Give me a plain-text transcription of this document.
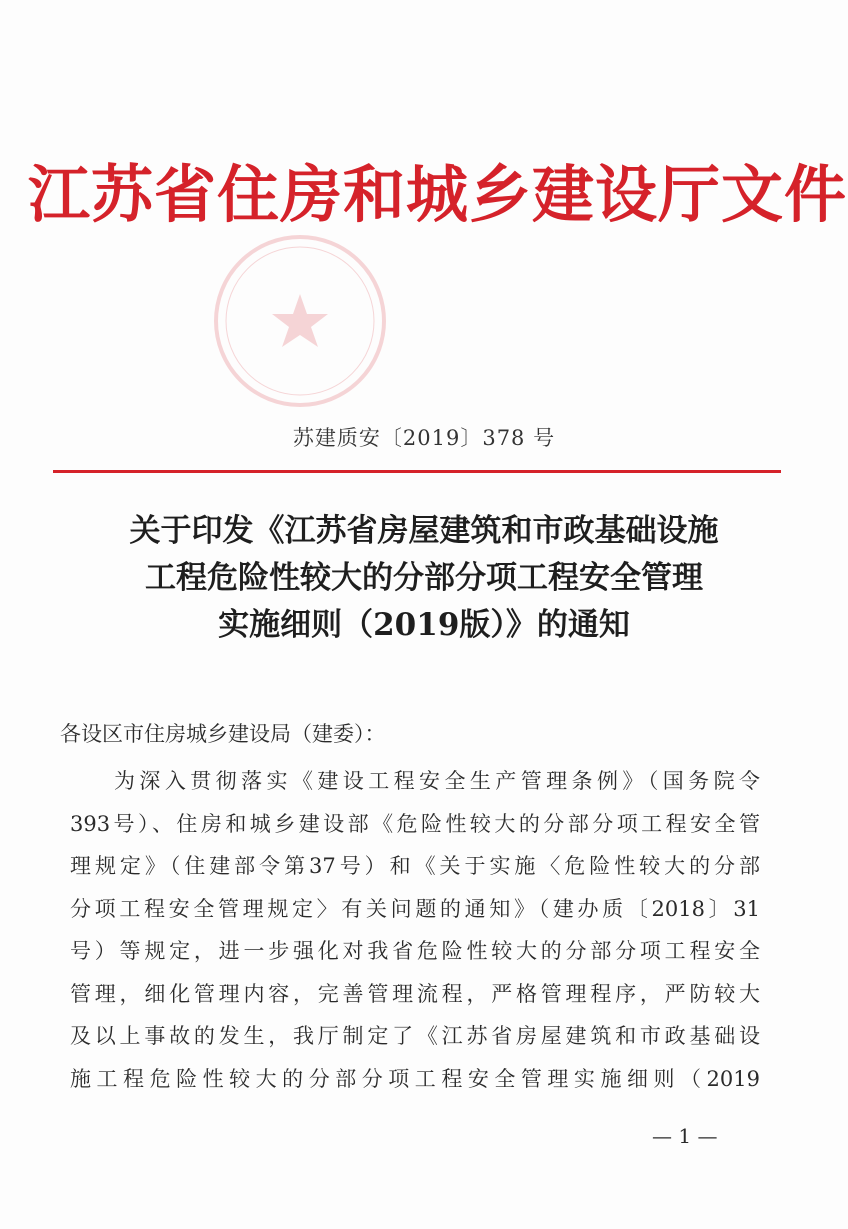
江苏省住房和城乡建设厅文件
苏建质安〔2019〕378 号
关于印发《江苏省房屋建筑和市政基础设施
工程危险性较大的分部分项工程安全管理
实施细则（2019版）》的通知
各设区市住房城乡建设局（建委）：
为深入贯彻落实《建设工程安全生产管理条例》（国务院令
393号）、住房和城乡建设部《危险性较大的分部分项工程安全管
理规定》（住建部令第37号）和《关于实施〈危险性较大的分部
分项工程安全管理规定〉有关问题的通知》（建办质〔2018〕31
号）等规定，进一步强化对我省危险性较大的分部分项工程安全
管理，细化管理内容，完善管理流程，严格管理程序，严防较大
及以上事故的发生，我厅制定了《江苏省房屋建筑和市政基础设
施工程危险性较大的分部分项工程安全管理实施细则（2019
— 1 —
